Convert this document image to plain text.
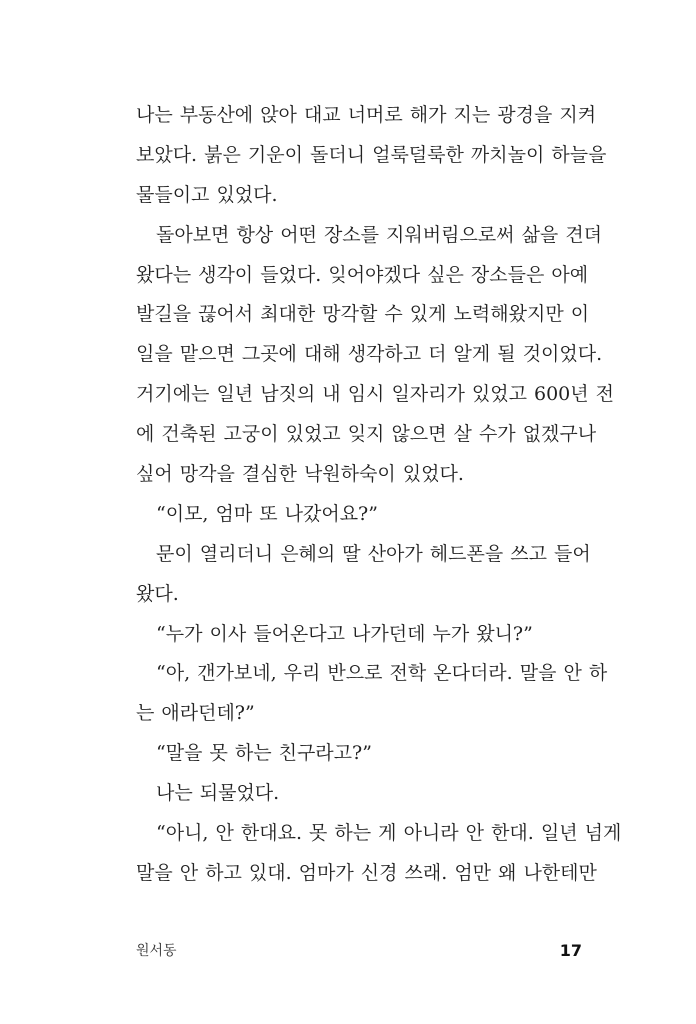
나는 부동산에 앉아 대교 너머로 해가 지는 광경을 지켜
보았다. 붉은 기운이 돌더니 얼룩덜룩한 까치놀이 하늘을
물들이고 있었다.
돌아보면 항상 어떤 장소를 지워버림으로써 삶을 견뎌
왔다는 생각이 들었다. 잊어야겠다 싶은 장소들은 아예
발길을 끊어서 최대한 망각할 수 있게 노력해왔지만 이
일을 맡으면 그곳에 대해 생각하고 더 알게 될 것이었다.
거기에는 일년 남짓의 내 임시 일자리가 있었고 600년 전
에 건축된 고궁이 있었고 잊지 않으면 살 수가 없겠구나
싶어 망각을 결심한 낙원하숙이 있었다.
“이모, 엄마 또 나갔어요?”
문이 열리더니 은혜의 딸 산아가 헤드폰을 쓰고 들어
왔다.
“누가 이사 들어온다고 나가던데 누가 왔니?”
“아, 갠가보네, 우리 반으로 전학 온다더라. 말을 안 하
는 애라던데?”
“말을 못 하는 친구라고?”
나는 되물었다.
“아니, 안 한대요. 못 하는 게 아니라 안 한대. 일년 넘게
말을 안 하고 있대. 엄마가 신경 쓰래. 엄만 왜 나한테만
원서동	17
